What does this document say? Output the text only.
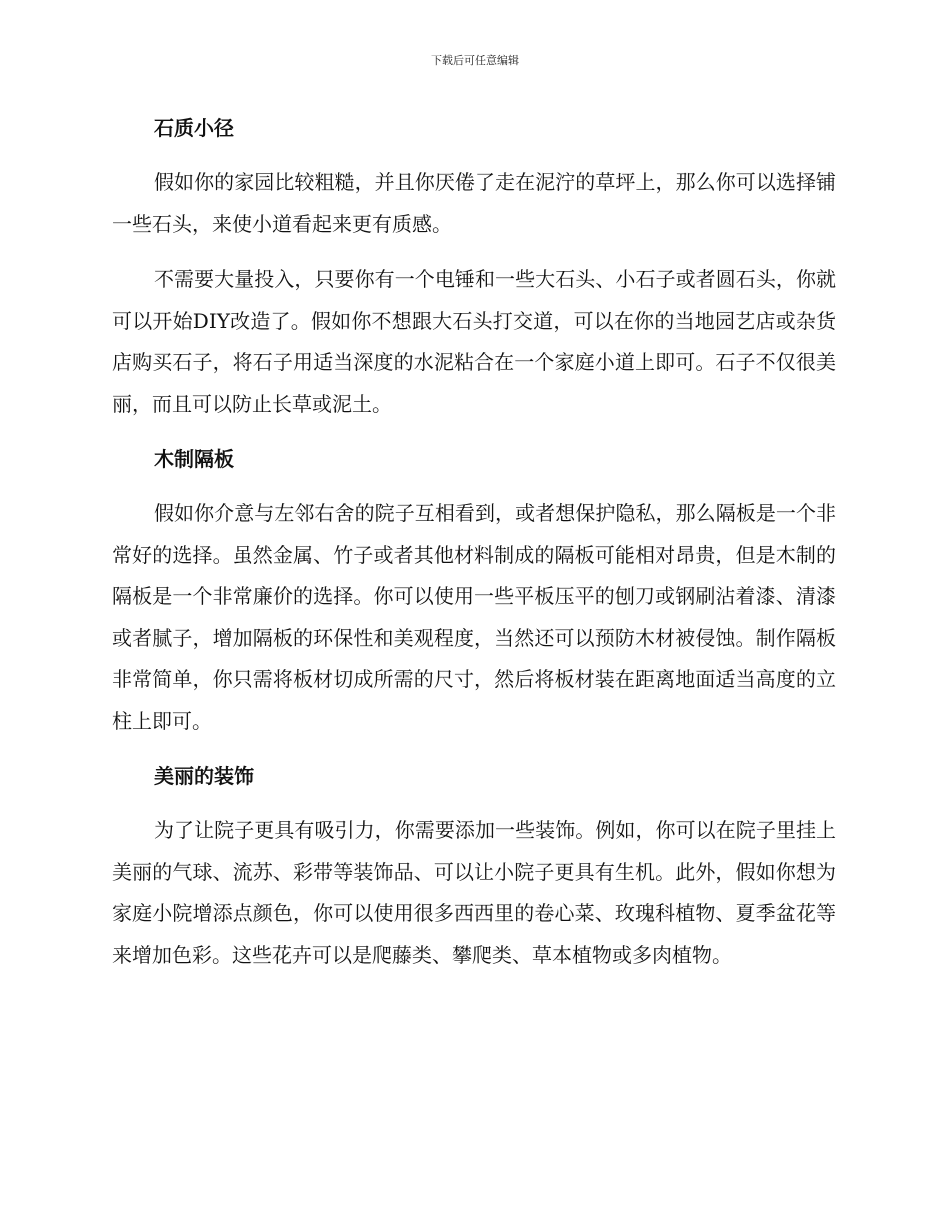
下载后可任意编辑
石质小径

假如你的家园比较粗糙，并且你厌倦了走在泥泞的草坪上，那么你可以选择铺一些石头，来使小道看起来更有质感。

不需要大量投入，只要你有一个电锤和一些大石头、小石子或者圆石头，你就可以开始DIY改造了。假如你不想跟大石头打交道，可以在你的当地园艺店或杂货店购买石子，将石子用适当深度的水泥粘合在一个家庭小道上即可。石子不仅很美丽，而且可以防止长草或泥土。

木制隔板

假如你介意与左邻右舍的院子互相看到，或者想保护隐私，那么隔板是一个非常好的选择。虽然金属、竹子或者其他材料制成的隔板可能相对昂贵，但是木制的隔板是一个非常廉价的选择。你可以使用一些平板压平的刨刀或钢刷沾着漆、清漆或者腻子，增加隔板的环保性和美观程度，当然还可以预防木材被侵蚀。制作隔板非常简单，你只需将板材切成所需的尺寸，然后将板材装在距离地面适当高度的立柱上即可。

美丽的装饰

为了让院子更具有吸引力，你需要添加一些装饰。例如，你可以在院子里挂上美丽的气球、流苏、彩带等装饰品、可以让小院子更具有生机。此外，假如你想为家庭小院增添点颜色，你可以使用很多西西里的卷心菜、玫瑰科植物、夏季盆花等来增加色彩。这些花卉可以是爬藤类、攀爬类、草本植物或多肉植物。
